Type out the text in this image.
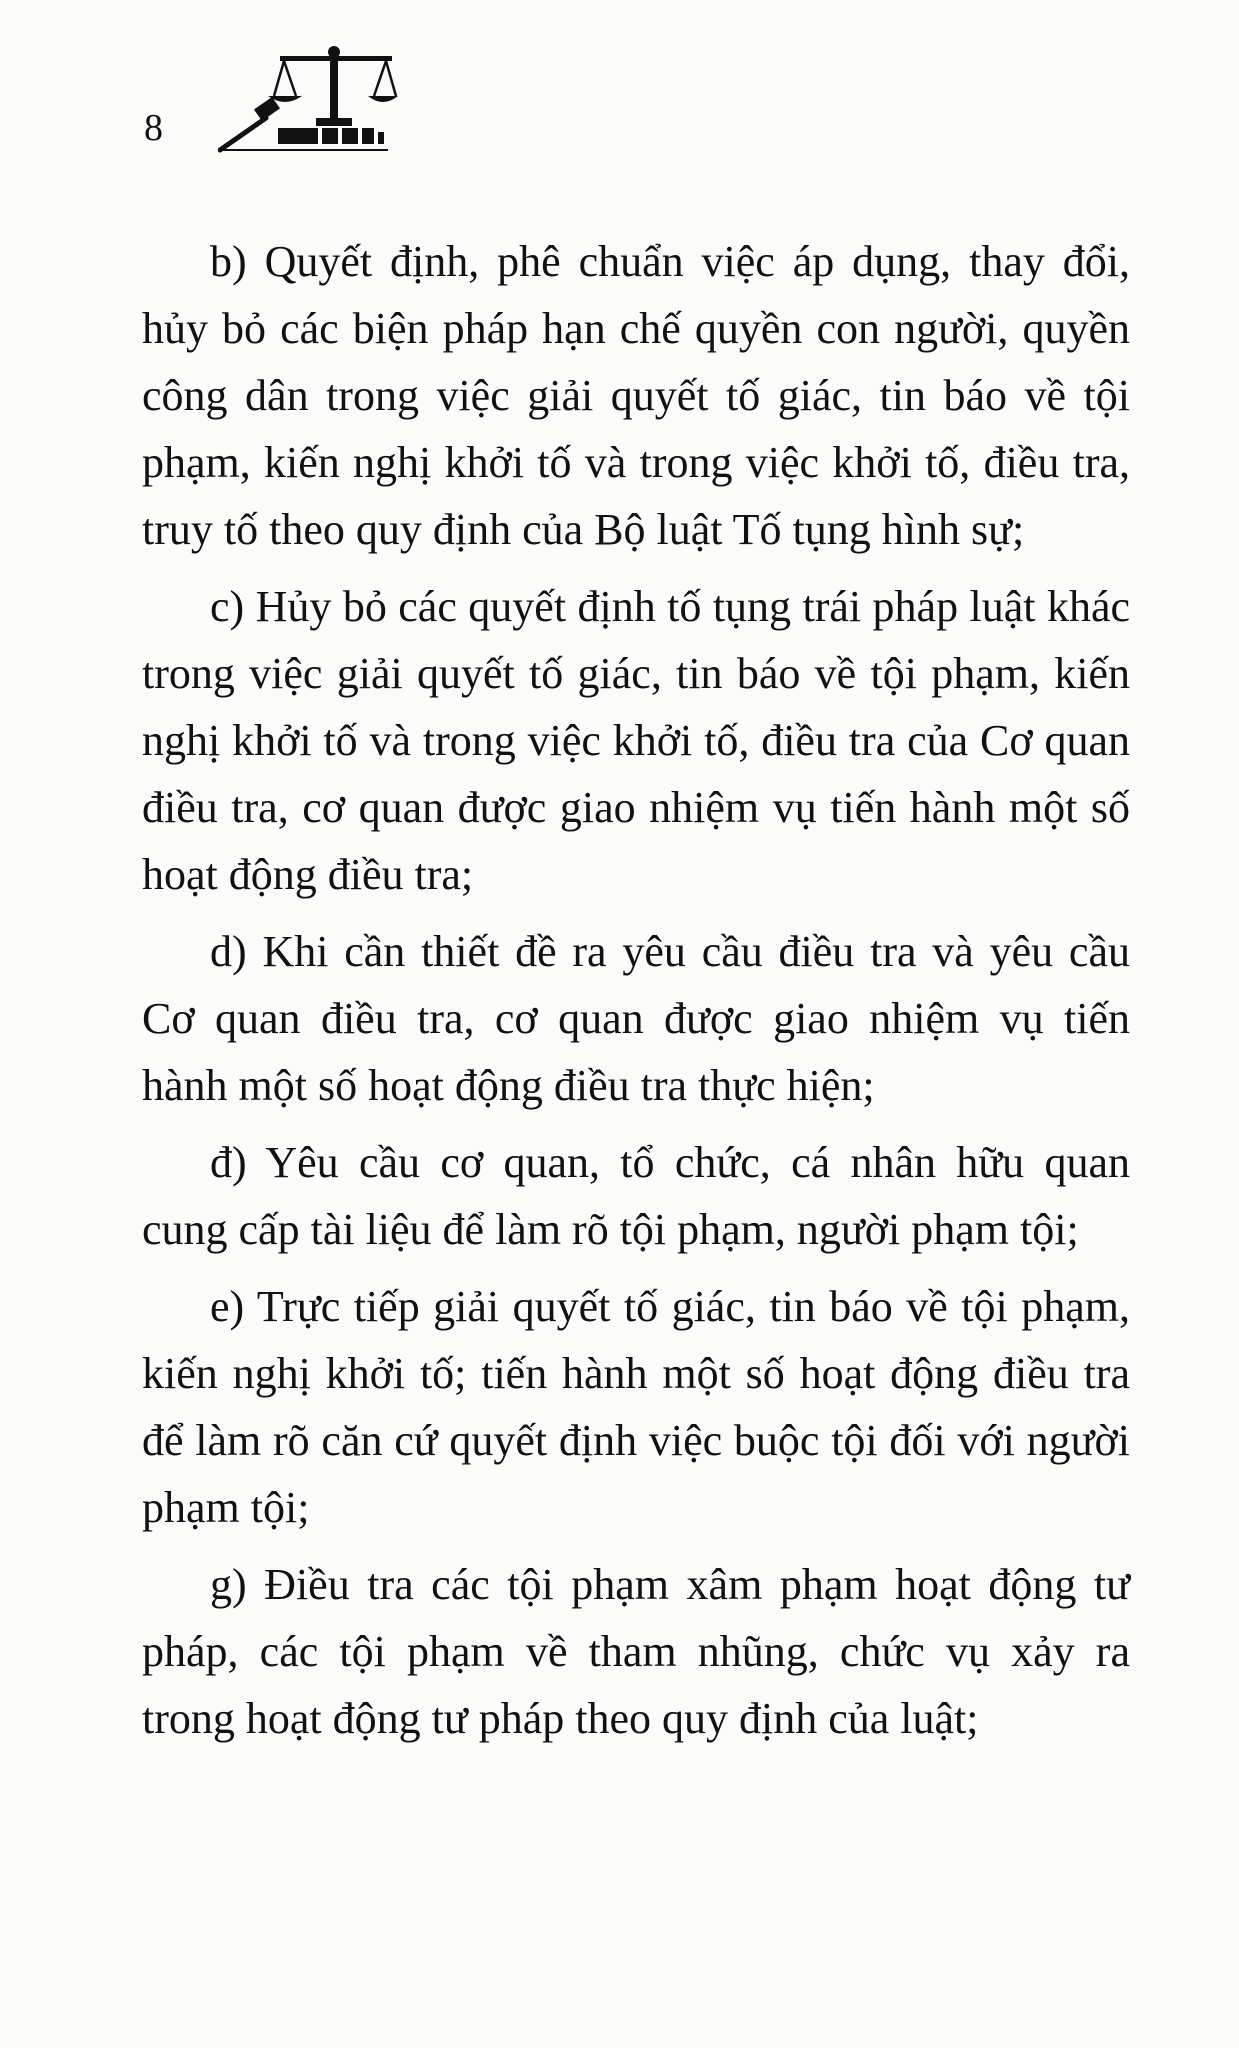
8

b) Quyết định, phê chuẩn việc áp dụng, thay đổi, hủy bỏ các biện pháp hạn chế quyền con người, quyền công dân trong việc giải quyết tố giác, tin báo về tội phạm, kiến nghị khởi tố và trong việc khởi tố, điều tra, truy tố theo quy định của Bộ luật Tố tụng hình sự;

c) Hủy bỏ các quyết định tố tụng trái pháp luật khác trong việc giải quyết tố giác, tin báo về tội phạm, kiến nghị khởi tố và trong việc khởi tố, điều tra của Cơ quan điều tra, cơ quan được giao nhiệm vụ tiến hành một số hoạt động điều tra;

d) Khi cần thiết đề ra yêu cầu điều tra và yêu cầu Cơ quan điều tra, cơ quan được giao nhiệm vụ tiến hành một số hoạt động điều tra thực hiện;

đ) Yêu cầu cơ quan, tổ chức, cá nhân hữu quan cung cấp tài liệu để làm rõ tội phạm, người phạm tội;

e) Trực tiếp giải quyết tố giác, tin báo về tội phạm, kiến nghị khởi tố; tiến hành một số hoạt động điều tra để làm rõ căn cứ quyết định việc buộc tội đối với người phạm tội;

g) Điều tra các tội phạm xâm phạm hoạt động tư pháp, các tội phạm về tham nhũng, chức vụ xảy ra trong hoạt động tư pháp theo quy định của luật;
